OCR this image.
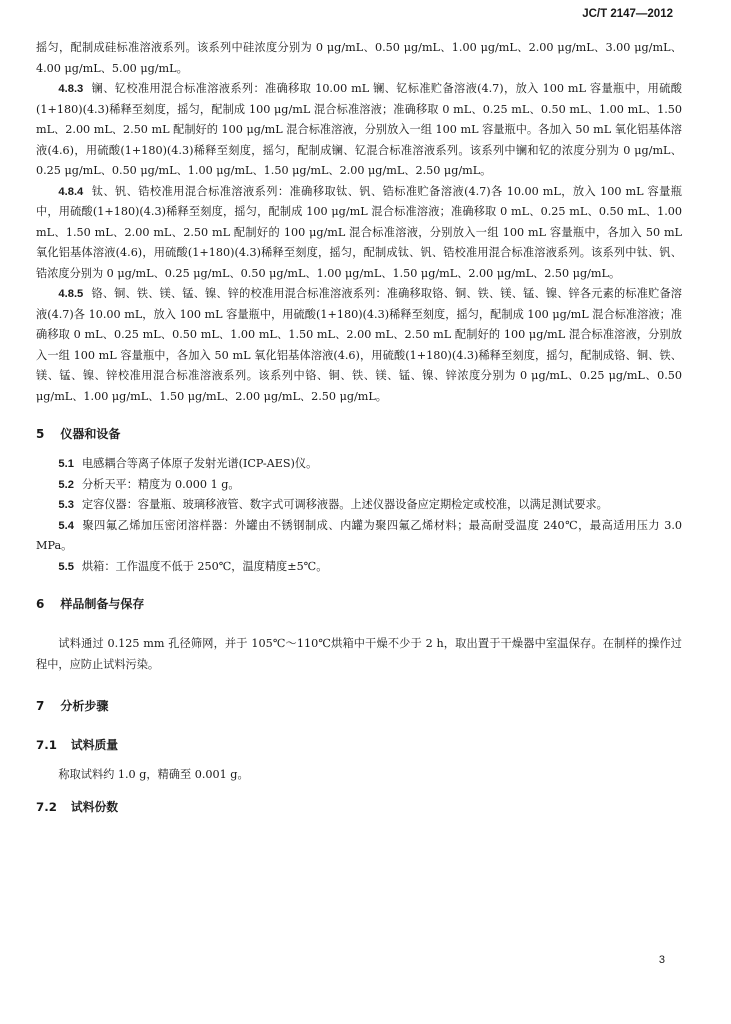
JC/T 2147—2012

摇匀，配制成硅标准溶液系列。该系列中硅浓度分别为 0 μg/mL、0.50 μg/mL、1.00 μg/mL、2.00 μg/mL、3.00 μg/mL、4.00 μg/mL、5.00 μg/mL。

4.8.3 镧、钇校准用混合标准溶液系列：准确移取 10.00 mL 镧、钇标准贮备溶液(4.7)，放入 100 mL 容量瓶中，用硫酸(1+180)(4.3)稀释至刻度，摇匀，配制成 100 μg/mL 混合标准溶液；准确移取 0 mL、0.25 mL、0.50 mL、1.00 mL、1.50 mL、2.00 mL、2.50 mL 配制好的 100 μg/mL 混合标准溶液，分别放入一组 100 mL 容量瓶中。各加入 50 mL 氧化铝基体溶液(4.6)，用硫酸(1+180)(4.3)稀释至刻度，摇匀，配制成镧、钇混合标准溶液系列。该系列中镧和钇的浓度分别为 0 μg/mL、0.25 μg/mL、0.50 μg/mL、1.00 μg/mL、1.50 μg/mL、2.00 μg/mL、2.50 μg/mL。

4.8.4 钛、钒、锆校准用混合标准溶液系列：准确移取钛、钒、锆标准贮备溶液(4.7)各 10.00 mL，放入 100 mL 容量瓶中，用硫酸(1+180)(4.3)稀释至刻度，摇匀，配制成 100 μg/mL 混合标准溶液；准确移取 0 mL、0.25 mL、0.50 mL、1.00 mL、1.50 mL、2.00 mL、2.50 mL 配制好的 100 μg/mL 混合标准溶液，分别放入一组 100 mL 容量瓶中，各加入 50 mL 氧化铝基体溶液(4.6)，用硫酸(1+180)(4.3)稀释至刻度，摇匀，配制成钛、钒、锆校准用混合标准溶液系列。该系列中钛、钒、锆浓度分别为 0 μg/mL、0.25 μg/mL、0.50 μg/mL、1.00 μg/mL、1.50 μg/mL、2.00 μg/mL、2.50 μg/mL。

4.8.5 铬、铜、铁、镁、锰、镍、锌的校准用混合标准溶液系列：准确移取铬、铜、铁、镁、锰、镍、锌各元素的标准贮备溶液(4.7)各 10.00 mL，放入 100 mL 容量瓶中，用硫酸(1+180)(4.3)稀释至刻度，摇匀，配制成 100 μg/mL 混合标准溶液；准确移取 0 mL、0.25 mL、0.50 mL、1.00 mL、1.50 mL、2.00 mL、2.50 mL 配制好的 100 μg/mL 混合标准溶液，分别放入一组 100 mL 容量瓶中，各加入 50 mL 氧化铝基体溶液(4.6)，用硫酸(1+180)(4.3)稀释至刻度，摇匀，配制成铬、铜、铁、镁、锰、镍、锌校准用混合标准溶液系列。该系列中铬、铜、铁、镁、锰、镍、锌浓度分别为 0 μg/mL、0.25 μg/mL、0.50 μg/mL、1.00 μg/mL、1.50 μg/mL、2.00 μg/mL、2.50 μg/mL。

5 仪器和设备

5.1 电感耦合等离子体原子发射光谱(ICP-AES)仪。

5.2 分析天平：精度为 0.000 1 g。

5.3 定容仪器：容量瓶、玻璃移液管、数字式可调移液器。上述仪器设备应定期检定或校准，以满足测试要求。

5.4 聚四氟乙烯加压密闭溶样器：外罐由不锈钢制成、内罐为聚四氟乙烯材料；最高耐受温度 240℃，最高适用压力 3.0 MPa。

5.5 烘箱：工作温度不低于 250℃，温度精度±5℃。

6 样品制备与保存

试料通过 0.125 mm 孔径筛网，并于 105℃～110℃烘箱中干燥不少于 2 h，取出置于干燥器中室温保存。在制样的操作过程中，应防止试料污染。

7 分析步骤

7.1 试料质量

称取试料约 1.0 g，精确至 0.001 g。

7.2 试料份数

3
